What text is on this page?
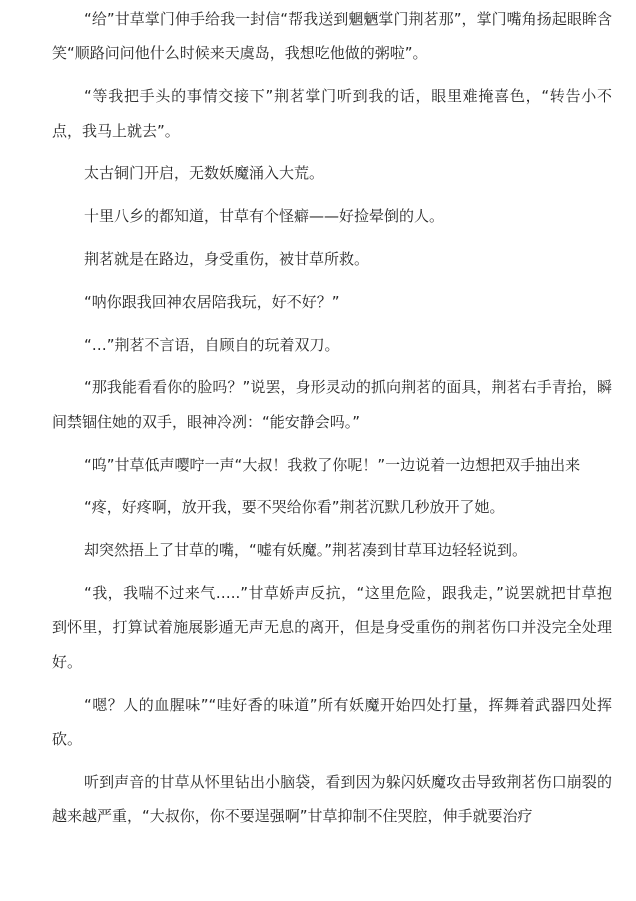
“给”甘草掌门伸手给我一封信“帮我送到魍魉掌门荆茗那”，掌门嘴角扬起眼眸含笑“顺路问问他什么时候来天虞岛，我想吃他做的粥啦”。

“等我把手头的事情交接下”荆茗掌门听到我的话，眼里难掩喜色，“转告小不点，我马上就去”。

太古铜门开启，无数妖魔涌入大荒。

十里八乡的都知道，甘草有个怪癖——好捡晕倒的人。

荆茗就是在路边，身受重伤，被甘草所救。

“呐你跟我回神农居陪我玩，好不好？”

“…”荆茗不言语，自顾自的玩着双刀。

“那我能看看你的脸吗？”说罢，身形灵动的抓向荆茗的面具，荆茗右手青抬，瞬间禁锢住她的双手，眼神冷冽：“能安静会吗。”

“呜”甘草低声嘤咛一声“大叔！我救了你呢！”一边说着一边想把双手抽出来

“疼，好疼啊，放开我，要不哭给你看”荆茗沉默几秒放开了她。

却突然捂上了甘草的嘴，“嘘有妖魔。”荆茗凑到甘草耳边轻轻说到。

“我，我喘不过来气…..”甘草娇声反抗，“这里危险，跟我走，”说罢就把甘草抱到怀里，打算试着施展影遁无声无息的离开，但是身受重伤的荆茗伤口并没完全处理好。

“嗯？人的血腥味”“哇好香的味道”所有妖魔开始四处打量，挥舞着武器四处挥砍。

听到声音的甘草从怀里钻出小脑袋，看到因为躲闪妖魔攻击导致荆茗伤口崩裂的越来越严重，“大叔你，你不要逞强啊”甘草抑制不住哭腔，伸手就要治疗
